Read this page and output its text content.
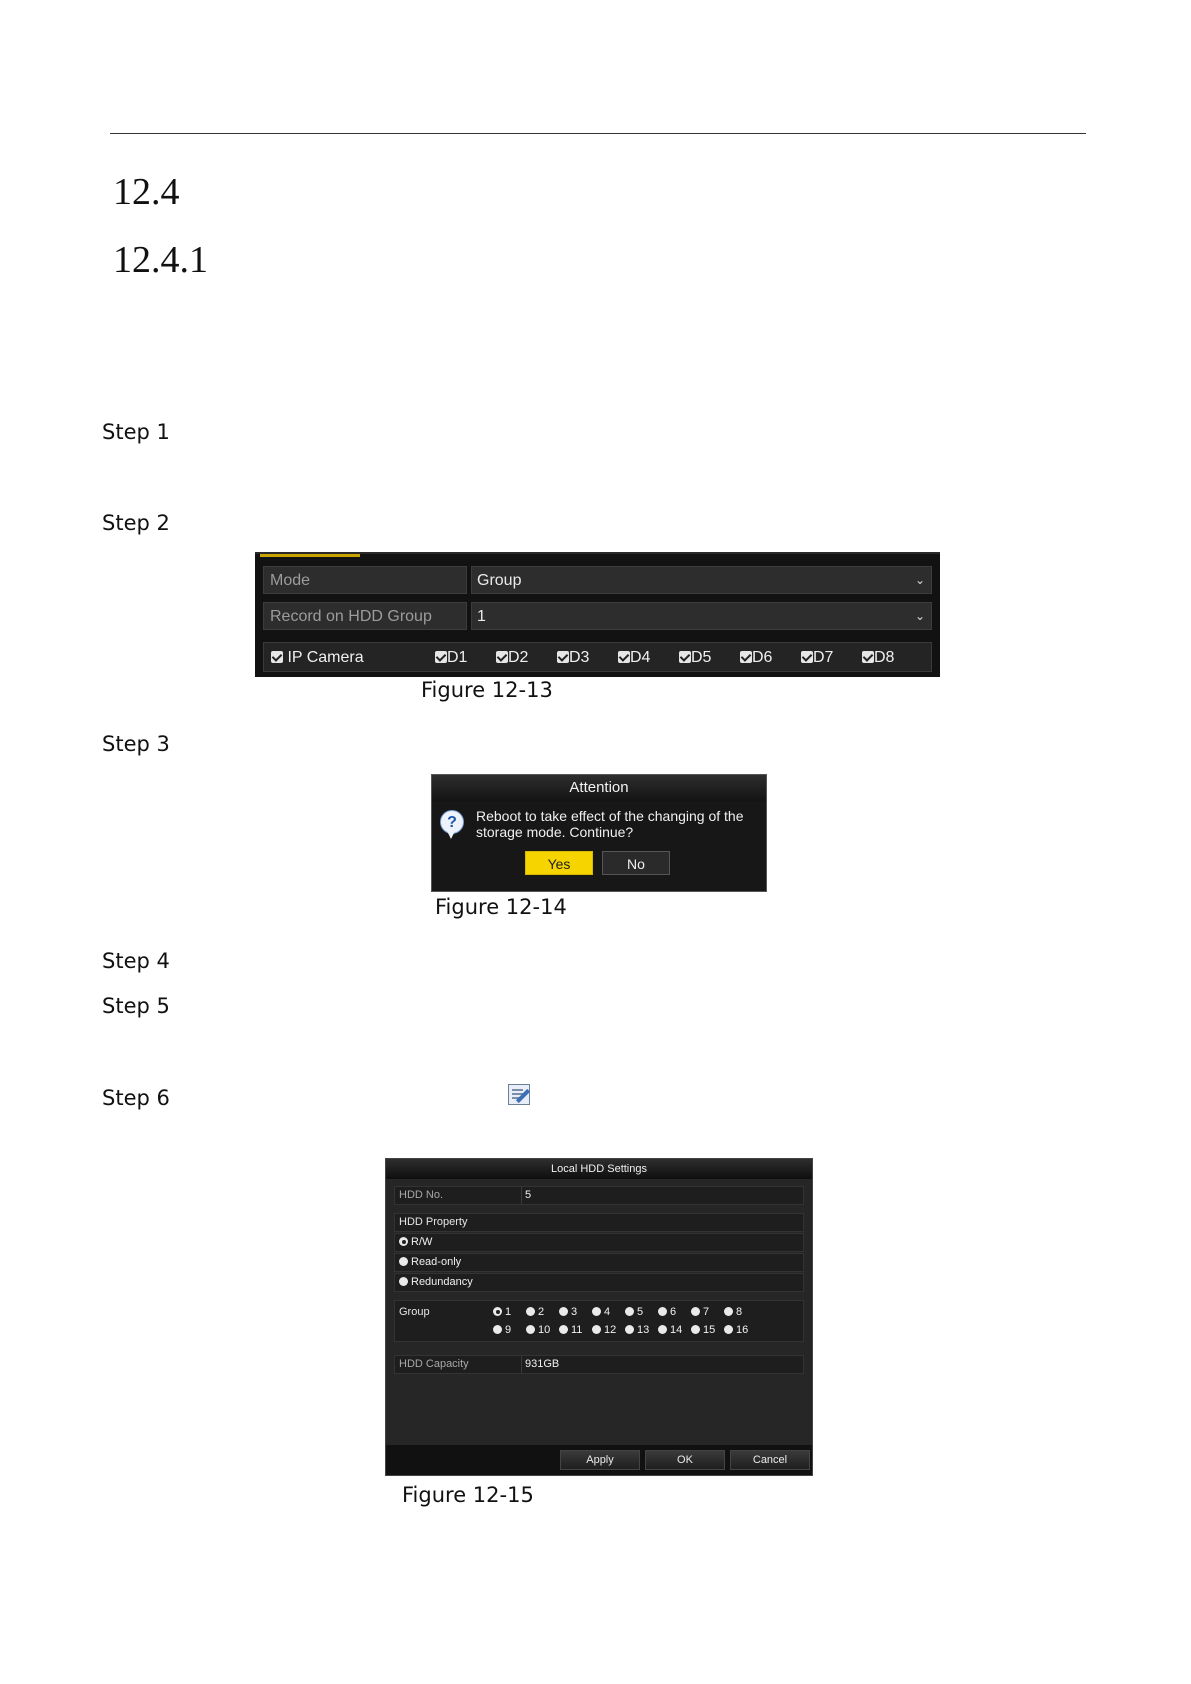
12.4
12.4.1
Step 1
Step 2
Mode	Group	⌄
Record on HDD Group	1	⌄
IP Camera	D1	D2	D3	D4	D5	D6	D7	D8
Figure 12-13
Step 3
Attention
?	Reboot to take effect of the changing of the storage mode. Continue?
Yes	No
Figure 12-14
Step 4
Step 5
Step 6
Local HDD Settings
HDD No.	5
HDD Property
R/W
Read-only
Redundancy
Group	1	2	3	4	5	6	7	8
9	10	11	12	13	14	15	16
HDD Capacity	931GB
Apply	OK	Cancel
Figure 12-15
